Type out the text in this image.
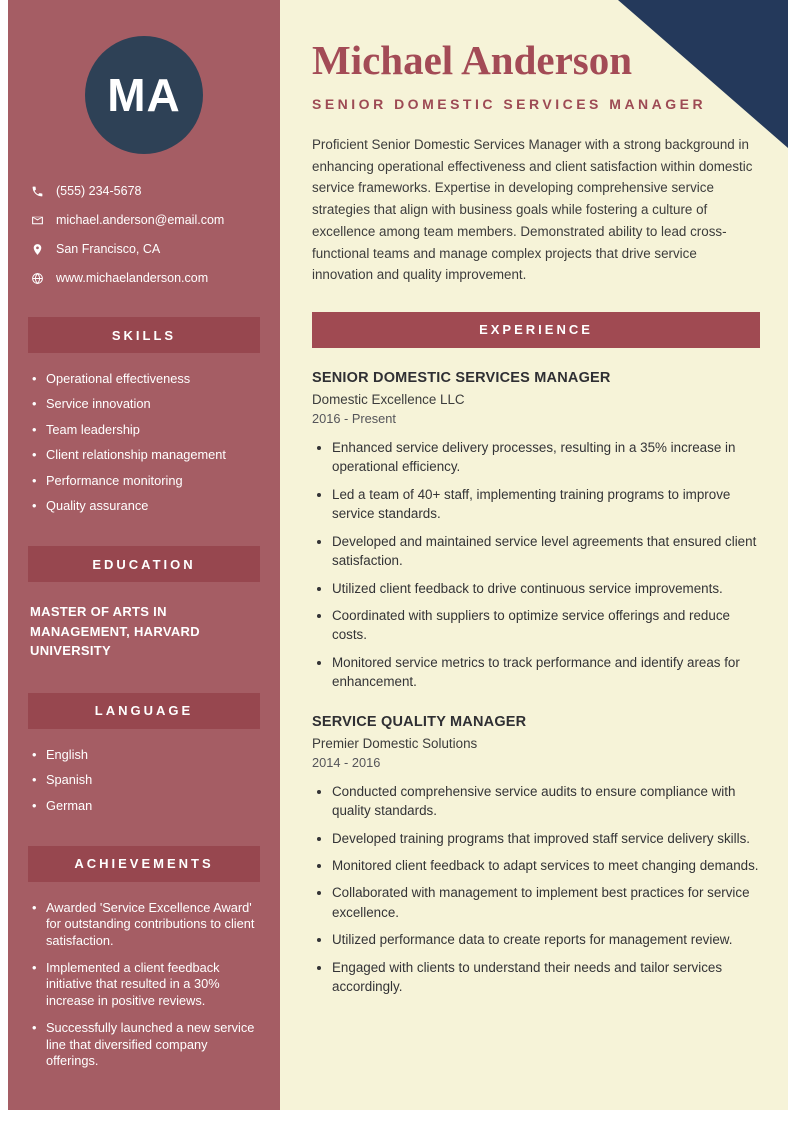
MA
(555) 234-5678
michael.anderson@email.com
San Francisco, CA
www.michaelanderson.com
SKILLS
• Operational effectiveness
• Service innovation
• Team leadership
• Client relationship management
• Performance monitoring
• Quality assurance
EDUCATION
MASTER OF ARTS IN MANAGEMENT, HARVARD UNIVERSITY
LANGUAGE
• English
• Spanish
• German
ACHIEVEMENTS
• Awarded 'Service Excellence Award' for outstanding contributions to client satisfaction.
• Implemented a client feedback initiative that resulted in a 30% increase in positive reviews.
• Successfully launched a new service line that diversified company offerings.
Michael Anderson
SENIOR DOMESTIC SERVICES MANAGER

Proficient Senior Domestic Services Manager with a strong background in enhancing operational effectiveness and client satisfaction within domestic service frameworks. Expertise in developing comprehensive service strategies that align with business goals while fostering a culture of excellence among team members. Demonstrated ability to lead cross-functional teams and manage complex projects that drive service innovation and quality improvement.

EXPERIENCE
SENIOR DOMESTIC SERVICES MANAGER
Domestic Excellence LLC
2016 - Present
• Enhanced service delivery processes, resulting in a 35% increase in operational efficiency.
• Led a team of 40+ staff, implementing training programs to improve service standards.
• Developed and maintained service level agreements that ensured client satisfaction.
• Utilized client feedback to drive continuous service improvements.
• Coordinated with suppliers to optimize service offerings and reduce costs.
• Monitored service metrics to track performance and identify areas for enhancement.
SERVICE QUALITY MANAGER
Premier Domestic Solutions
2014 - 2016
• Conducted comprehensive service audits to ensure compliance with quality standards.
• Developed training programs that improved staff service delivery skills.
• Monitored client feedback to adapt services to meet changing demands.
• Collaborated with management to implement best practices for service excellence.
• Utilized performance data to create reports for management review.
• Engaged with clients to understand their needs and tailor services accordingly.
